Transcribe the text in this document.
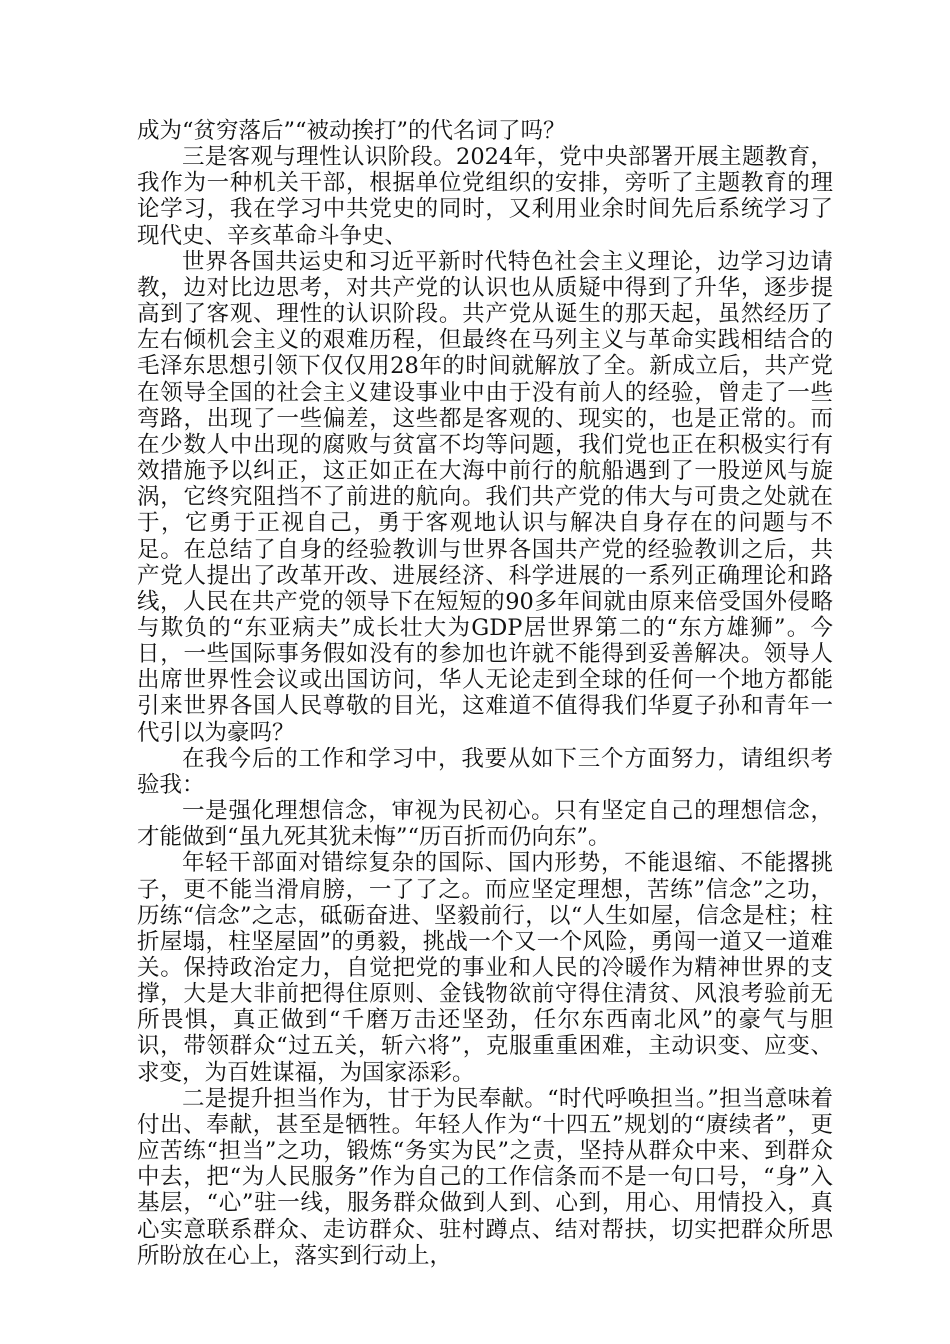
成为“贫穷落后”“被动挨打”的代名词了吗？

三是客观与理性认识阶段。2024年，党中央部署开展主题教育，我作为一种机关干部，根据单位党组织的安排，旁听了主题教育的理论学习，我在学习中共党史的同时，又利用业余时间先后系统学习了现代史、辛亥革命斗争史、

世界各国共运史和习近平新时代特色社会主义理论，边学习边请教，边对比边思考，对共产党的认识也从质疑中得到了升华，逐步提高到了客观、理性的认识阶段。共产党从诞生的那天起，虽然经历了左右倾机会主义的艰难历程，但最终在马列主义与革命实践相结合的毛泽东思想引领下仅仅用28年的时间就解放了全。新成立后，共产党在领导全国的社会主义建设事业中由于没有前人的经验，曾走了一些弯路，出现了一些偏差，这些都是客观的、现实的，也是正常的。而在少数人中出现的腐败与贫富不均等问题，我们党也正在积极实行有效措施予以纠正，这正如正在大海中前行的航船遇到了一股逆风与旋涡，它终究阻挡不了前进的航向。我们共产党的伟大与可贵之处就在于，它勇于正视自己，勇于客观地认识与解决自身存在的问题与不足。在总结了自身的经验教训与世界各国共产党的经验教训之后，共产党人提出了改革开改、进展经济、科学进展的一系列正确理论和路线，人民在共产党的领导下在短短的90多年间就由原来倍受国外侵略与欺负的“东亚病夫”成长壮大为GDP居世界第二的“东方雄狮”。今日，一些国际事务假如没有的参加也许就不能得到妥善解决。领导人出席世界性会议或出国访问，华人无论走到全球的任何一个地方都能引来世界各国人民尊敬的目光，这难道不值得我们华夏子孙和青年一代引以为豪吗？

在我今后的工作和学习中，我要从如下三个方面努力，请组织考验我：

一是强化理想信念，审视为民初心。只有坚定自己的理想信念，才能做到“虽九死其犹未悔”“历百折而仍向东”。

年轻干部面对错综复杂的国际、国内形势，不能退缩、不能撂挑子，更不能当滑肩膀，一了了之。而应坚定理想，苦练”信念”之功，历练“信念”之志，砥砺奋进、坚毅前行，以“人生如屋，信念是柱；柱折屋塌，柱坚屋固”的勇毅，挑战一个又一个风险，勇闯一道又一道难关。保持政治定力，自觉把党的事业和人民的冷暖作为精神世界的支撑，大是大非前把得住原则、金钱物欲前守得住清贫、风浪考验前无所畏惧，真正做到“千磨万击还坚劲，任尔东西南北风”的豪气与胆识，带领群众“过五关，斩六将”，克服重重困难，主动识变、应变、求变，为百姓谋福，为国家添彩。

二是提升担当作为，甘于为民奉献。“时代呼唤担当。”担当意味着付出、奉献，甚至是牺牲。年轻人作为“十四五”规划的“赓续者”，更应苦练“担当”之功，锻炼“务实为民”之责，坚持从群众中来、到群众中去，把“为人民服务”作为自己的工作信条而不是一句口号，“身”入基层，“心”驻一线，服务群众做到人到、心到，用心、用情投入，真心实意联系群众、走访群众、驻村蹲点、结对帮扶，切实把群众所思所盼放在心上，落实到行动上，
